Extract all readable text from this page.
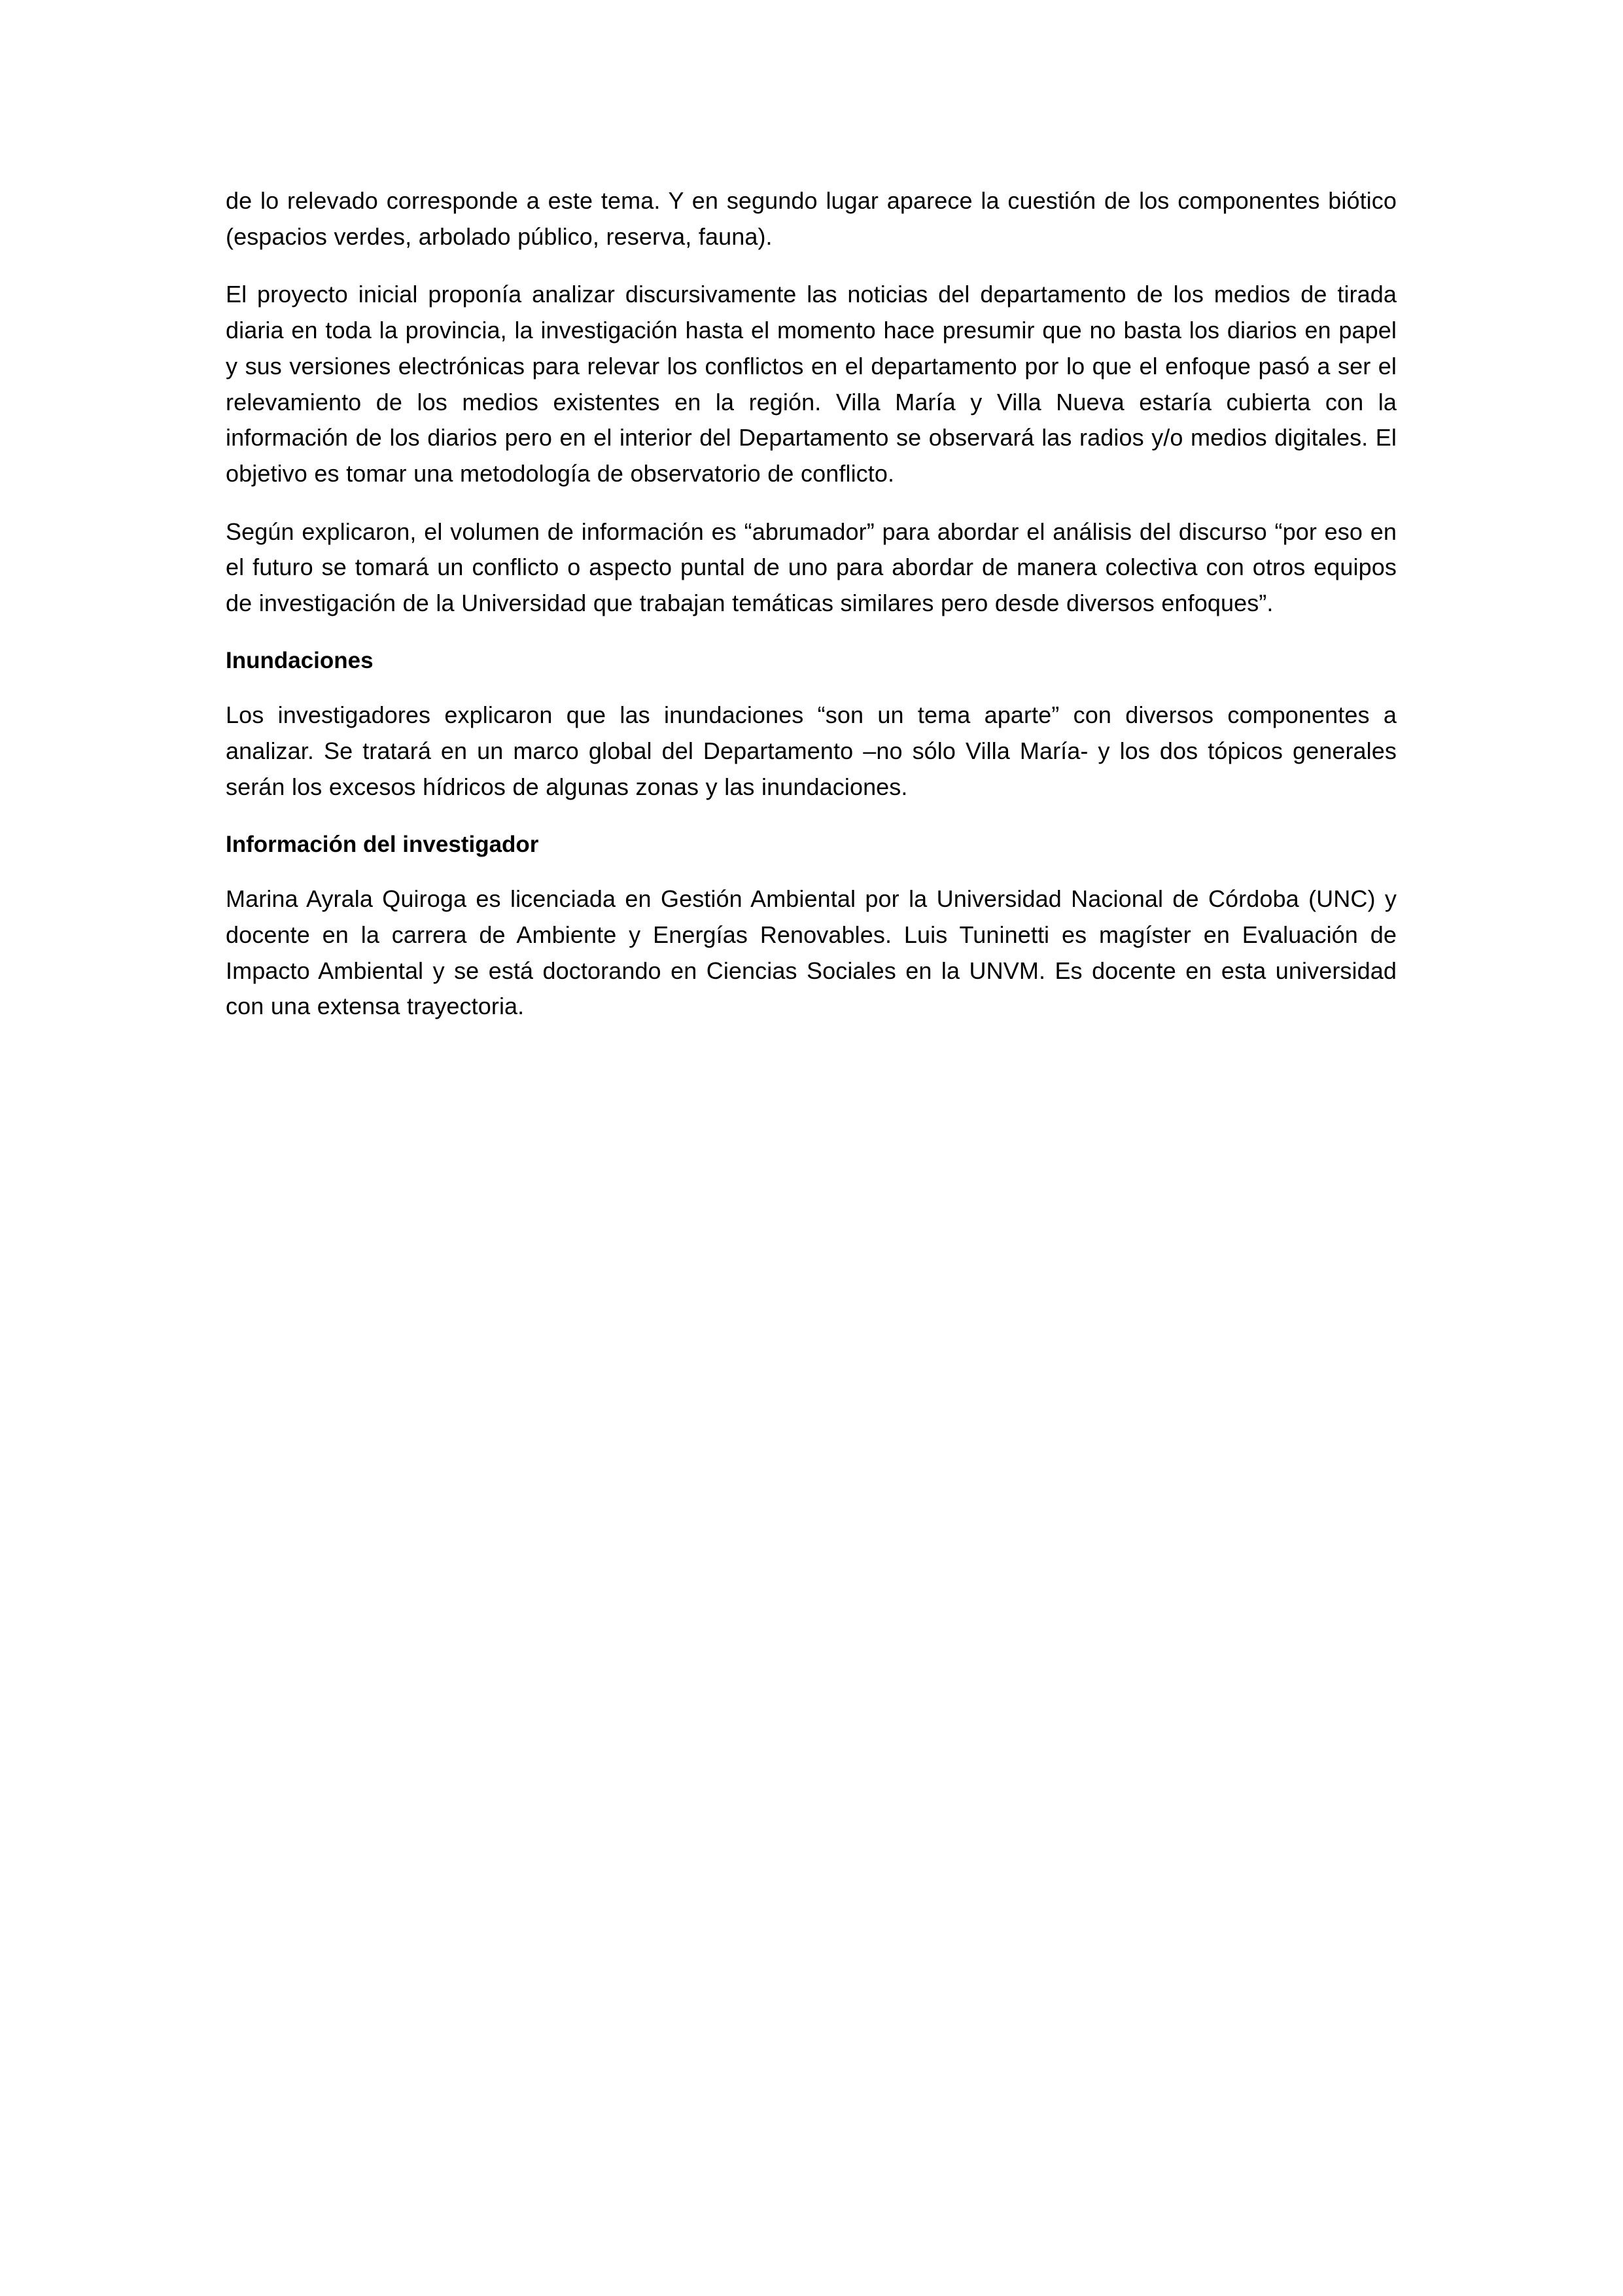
de lo relevado corresponde a este tema. Y en segundo lugar aparece la cuestión de los componentes biótico (espacios verdes, arbolado público, reserva, fauna).

El proyecto inicial proponía analizar discursivamente las noticias del departamento de los medios de tirada diaria en toda la provincia, la investigación hasta el momento hace presumir que no basta los diarios en papel y sus versiones electrónicas para relevar los conflictos en el departamento por lo que el enfoque pasó a ser el relevamiento de los medios existentes en la región. Villa María y Villa Nueva estaría cubierta con la información de los diarios pero en el interior del Departamento se observará las radios y/o medios digitales. El objetivo es tomar una metodología de observatorio de conflicto.

Según explicaron, el volumen de información es “abrumador” para abordar el análisis del discurso “por eso en el futuro se tomará un conflicto o aspecto puntal de uno para abordar de manera colectiva con otros equipos de investigación de la Universidad que trabajan temáticas similares pero desde diversos enfoques”.

Inundaciones

Los investigadores explicaron que las inundaciones “son un tema aparte” con diversos componentes a analizar. Se tratará en un marco global del Departamento –no sólo Villa María- y los dos tópicos generales serán los excesos hídricos de algunas zonas y las inundaciones.

Información del investigador

Marina Ayrala Quiroga es licenciada en Gestión Ambiental por la Universidad Nacional de Córdoba (UNC) y docente en la carrera de Ambiente y Energías Renovables. Luis Tuninetti es magíster en Evaluación de Impacto Ambiental y se está doctorando en Ciencias Sociales en la UNVM. Es docente en esta universidad con una extensa trayectoria.
